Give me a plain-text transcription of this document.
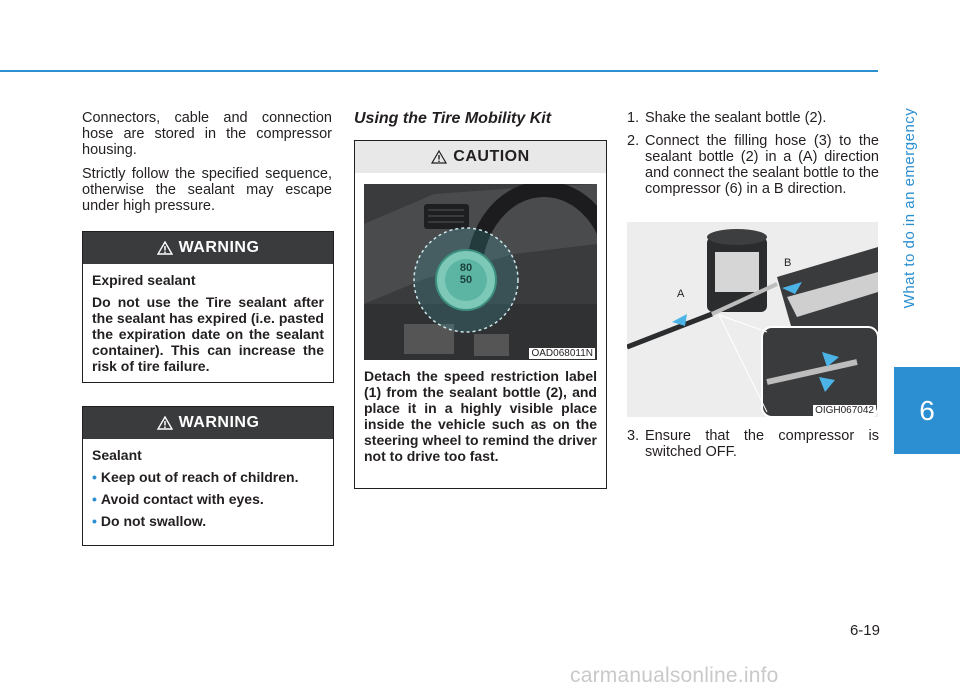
What to do in an emergency
6

Connectors, cable and connection hose are stored in the compressor housing.

Strictly follow the specified sequence, otherwise the sealant may escape under high pressure.

WARNING

Expired sealant

Do not use the Tire sealant after the sealant has expired (i.e. pasted the expiration date on the sealant container). This can increase the risk of tire failure.

WARNING

Sealant

• Keep out of reach of children.
• Avoid contact with eyes.
• Do not swallow.
Using the Tire Mobility Kit
CAUTION
80
50
OAD068011N

Detach the speed restriction label (1) from the sealant bottle (2), and place it in a highly visible place inside the vehicle such as on the steering wheel to remind the driver not to drive too fast.

1. Shake the sealant bottle (2).
2. Connect the filling hose (3) to the sealant bottle (2) in a (A) direction and connect the sealant bottle to the compressor (6) in a B direction.
A
B
OIGH067042
3. Ensure that the compressor is switched OFF.
6-19
carmanualsonline.info
